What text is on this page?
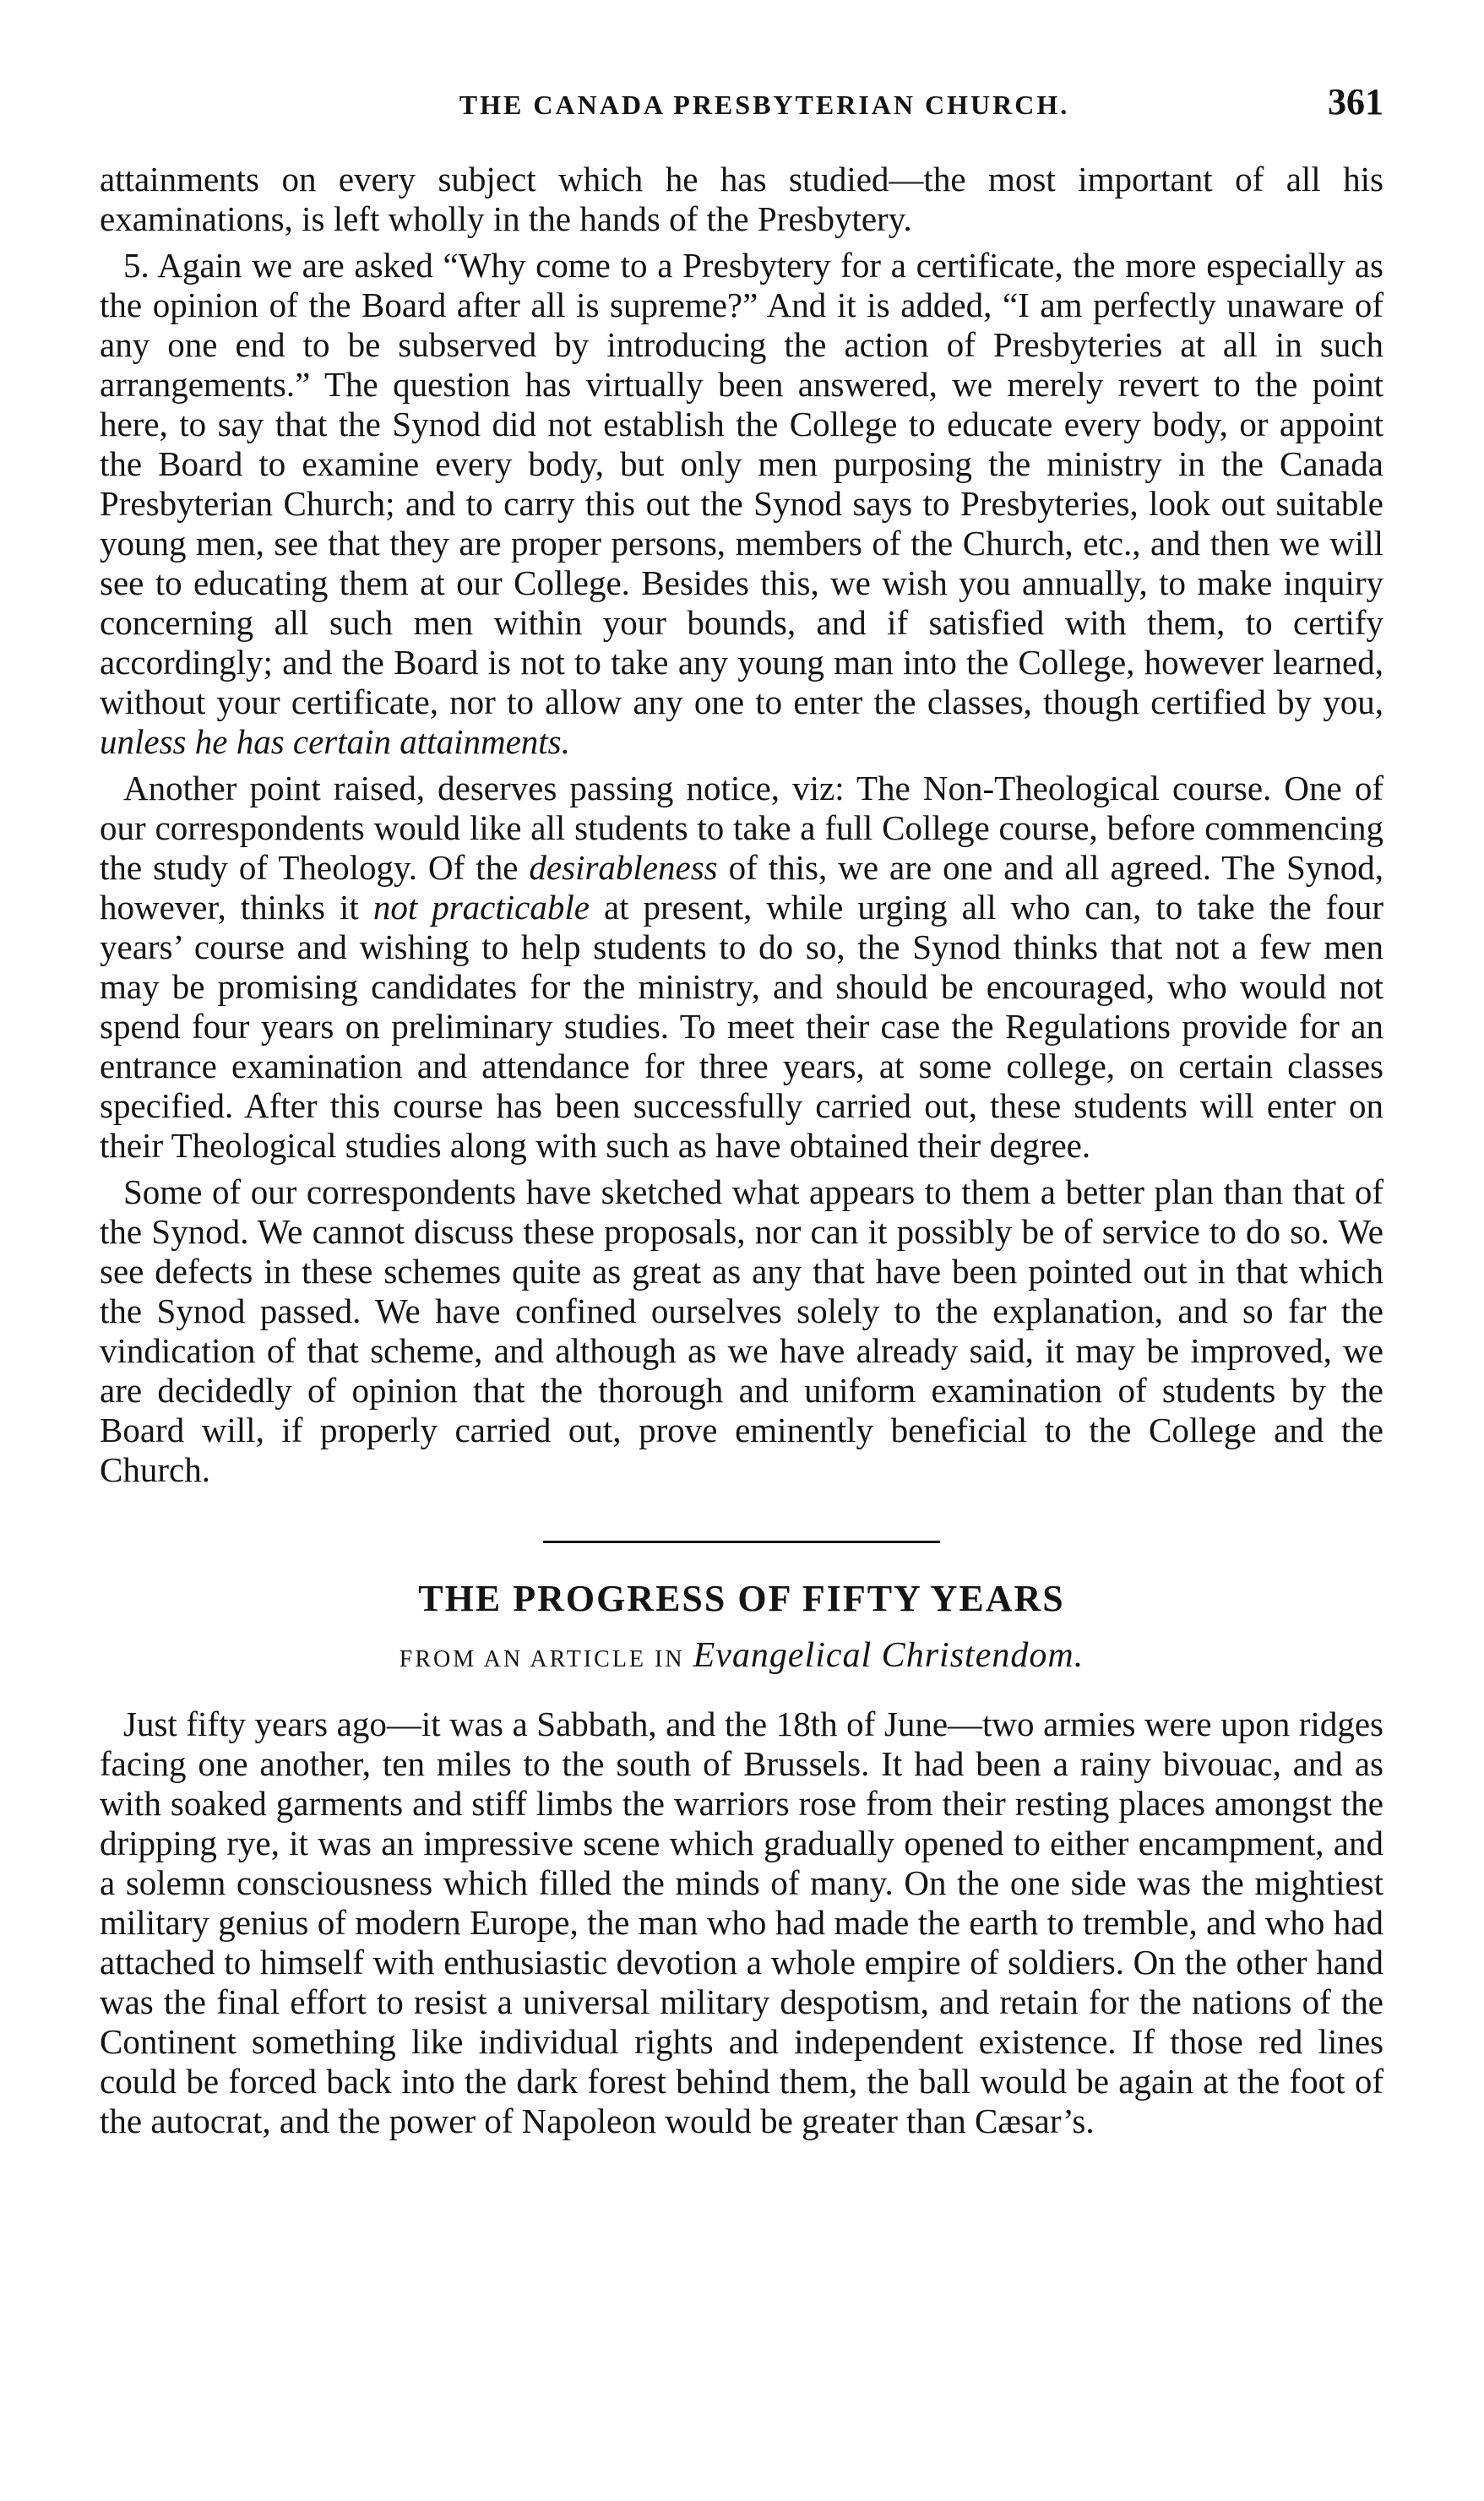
THE CANADA PRESBYTERIAN CHURCH.	361

attainments on every subject which he has studied—the most important of all his examinations, is left wholly in the hands of the Presbytery.

5. Again we are asked “Why come to a Presbytery for a certificate, the more especially as the opinion of the Board after all is supreme?” And it is added, “I am perfectly unaware of any one end to be subserved by introducing the action of Presbyteries at all in such arrangements.” The question has virtually been answered, we merely revert to the point here, to say that the Synod did not establish the College to educate every body, or appoint the Board to examine every body, but only men purposing the ministry in the Canada Presbyterian Church; and to carry this out the Synod says to Presbyteries, look out suitable young men, see that they are proper persons, members of the Church, etc., and then we will see to educating them at our College. Besides this, we wish you annually, to make inquiry concerning all such men within your bounds, and if satisfied with them, to certify accordingly; and the Board is not to take any young man into the College, however learned, without your certificate, nor to allow any one to enter the classes, though certified by you, unless he has certain attainments.

Another point raised, deserves passing notice, viz: The Non-Theological course. One of our correspondents would like all students to take a full College course, before commencing the study of Theology. Of the desirableness of this, we are one and all agreed. The Synod, however, thinks it not practicable at present, while urging all who can, to take the four years’ course and wishing to help students to do so, the Synod thinks that not a few men may be promising candidates for the ministry, and should be encouraged, who would not spend four years on preliminary studies. To meet their case the Regulations provide for an entrance examination and attendance for three years, at some college, on certain classes specified. After this course has been successfully carried out, these students will enter on their Theological studies along with such as have obtained their degree.

Some of our correspondents have sketched what appears to them a better plan than that of the Synod. We cannot discuss these proposals, nor can it possibly be of service to do so. We see defects in these schemes quite as great as any that have been pointed out in that which the Synod passed. We have confined ourselves solely to the explanation, and so far the vindication of that scheme, and although as we have already said, it may be improved, we are decidedly of opinion that the thorough and uniform examination of students by the Board will, if properly carried out, prove eminently beneficial to the College and the Church.

THE PROGRESS OF FIFTY YEARS
FROM AN ARTICLE IN Evangelical Christendom.

Just fifty years ago—it was a Sabbath, and the 18th of June—two armies were upon ridges facing one another, ten miles to the south of Brussels. It had been a rainy bivouac, and as with soaked garments and stiff limbs the warriors rose from their resting places amongst the dripping rye, it was an impressive scene which gradually opened to either encampment, and a solemn consciousness which filled the minds of many. On the one side was the mightiest military genius of modern Europe, the man who had made the earth to tremble, and who had attached to himself with enthusiastic devotion a whole empire of soldiers. On the other hand was the final effort to resist a universal military despotism, and retain for the nations of the Continent something like individual rights and independent existence. If those red lines could be forced back into the dark forest behind them, the ball would be again at the foot of the autocrat, and the power of Napoleon would be greater than Cæsar’s.
